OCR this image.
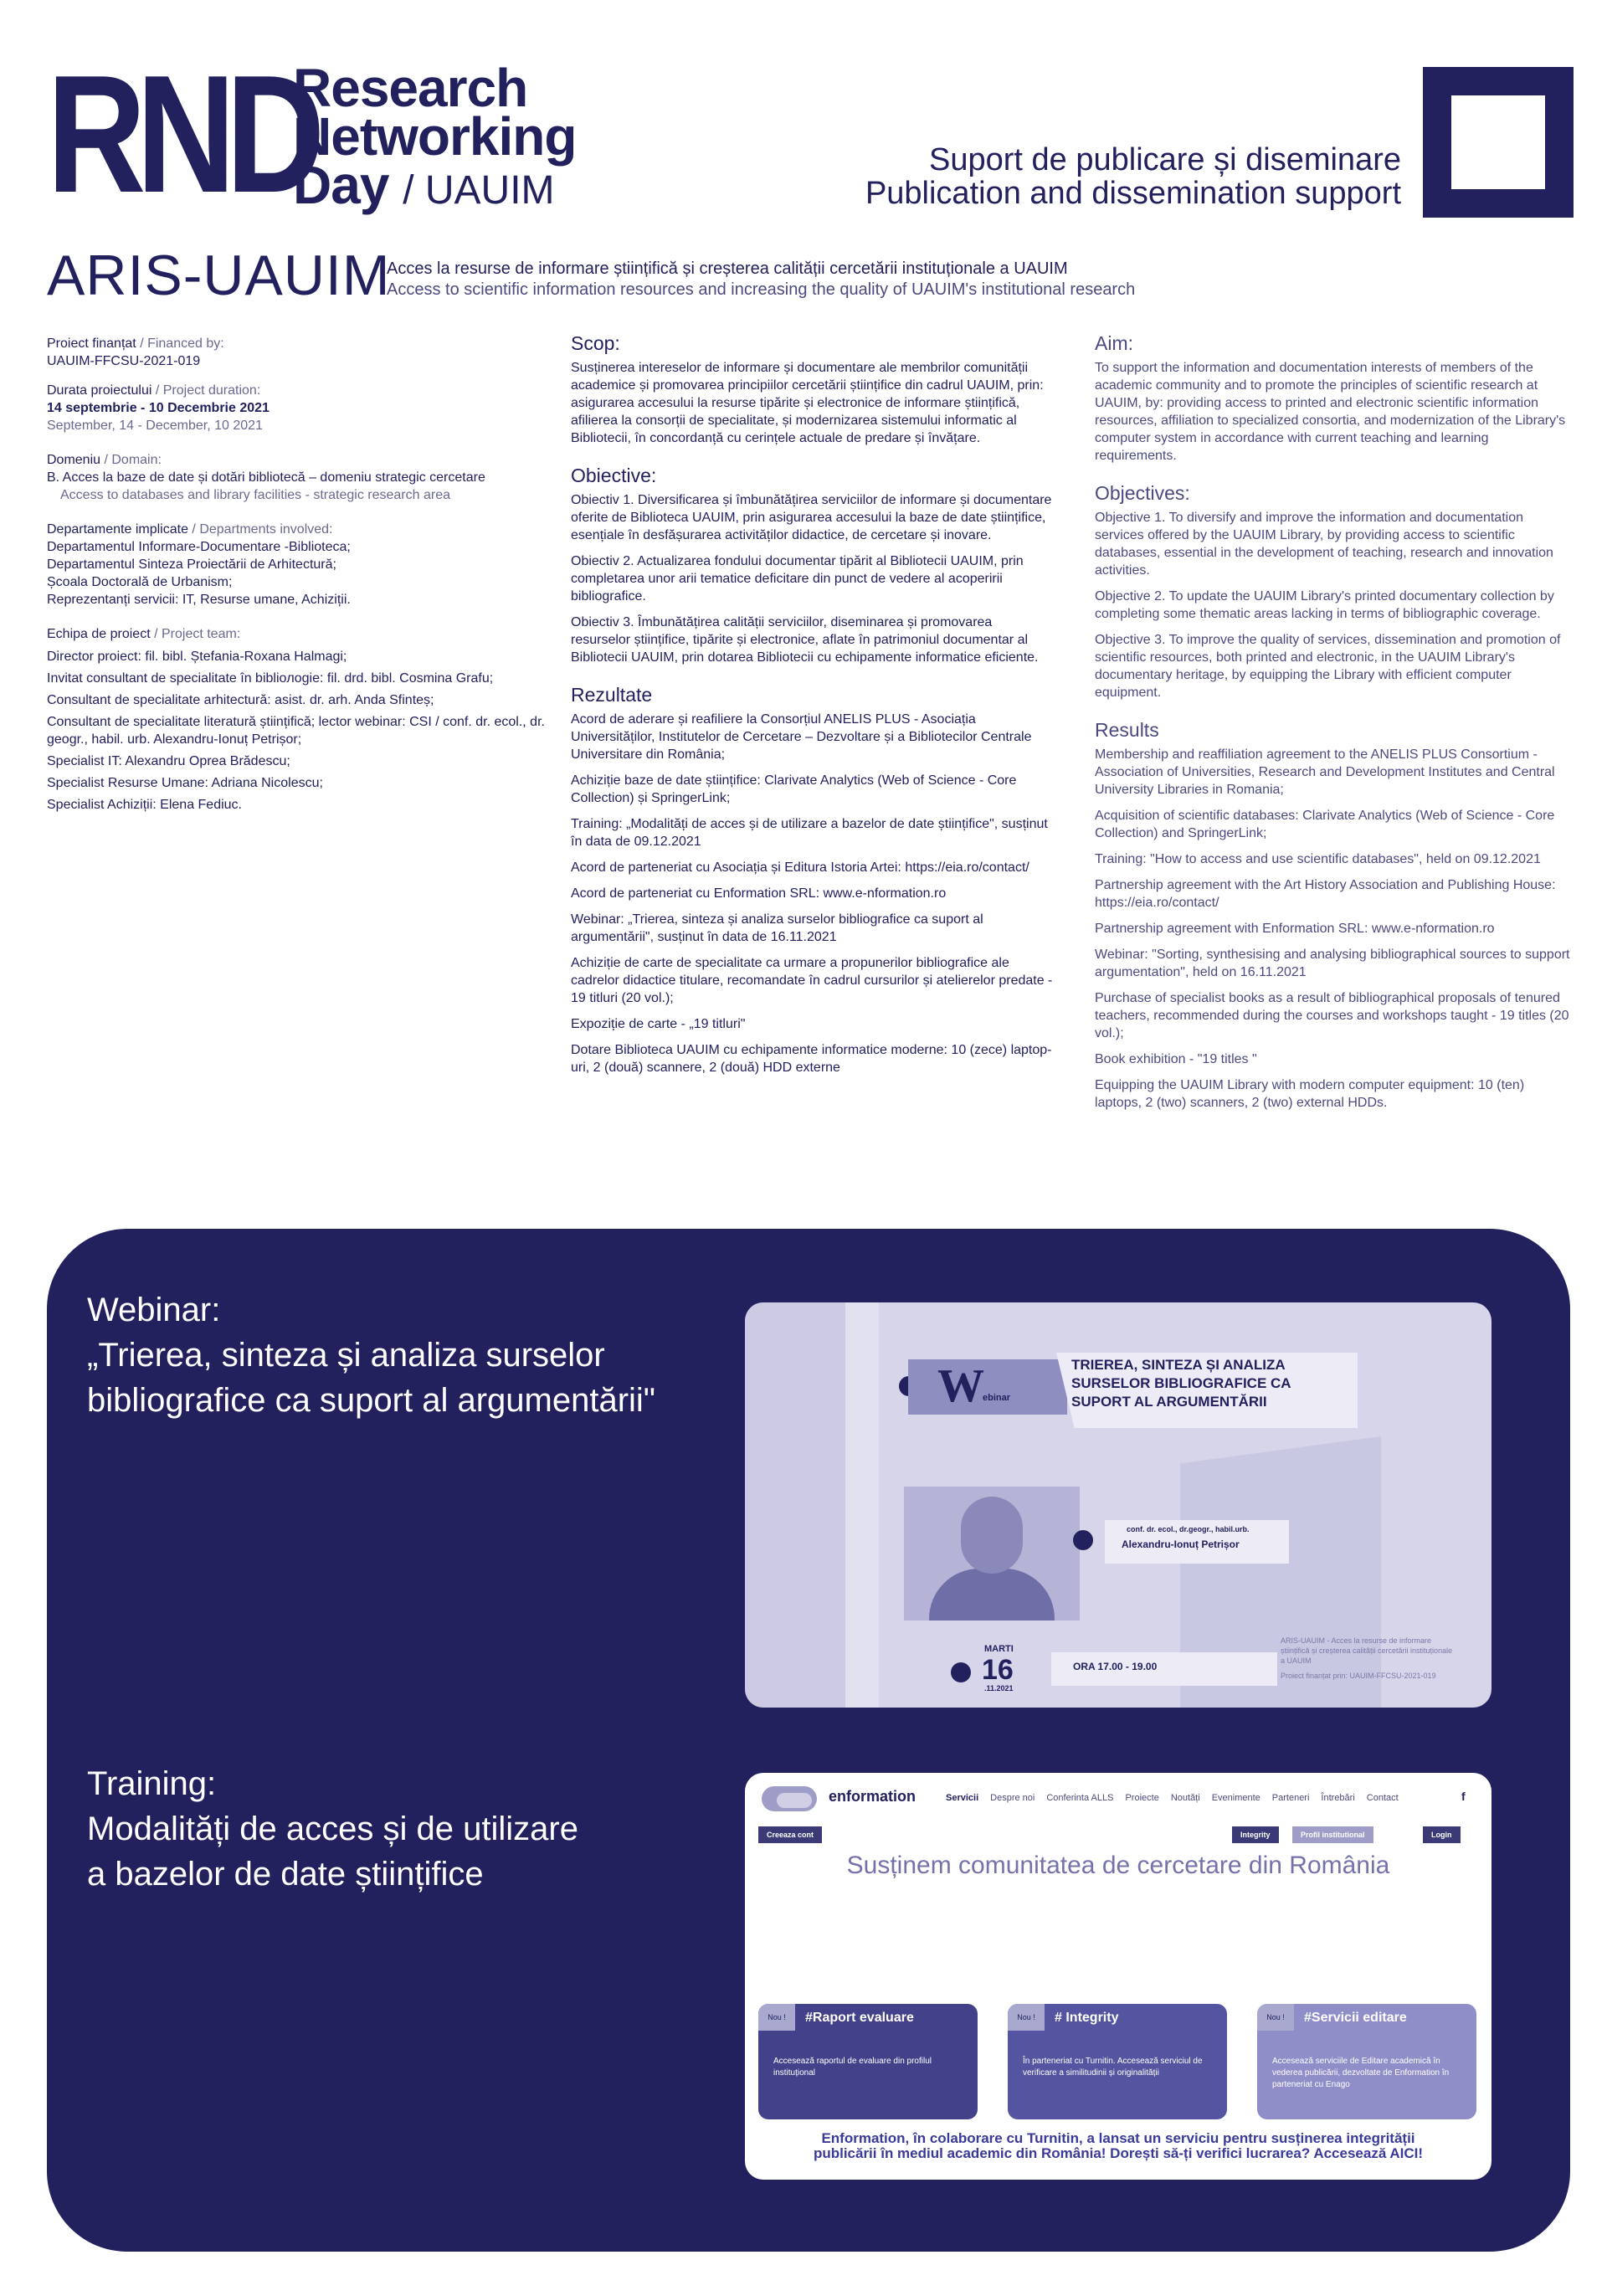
RND
Research
Networking
Day / UAUIM
Suport de publicare și diseminare
Publication and dissemination support
ARIS-UAUIM
Acces la resurse de informare științifică și creșterea calității cercetării instituționale a UAUIM
Access to scientific information resources and increasing the quality of UAUIM's institutional research
Proiect finanțat / Financed by:
UAUIM-FFCSU-2021-019
Durata proiectului / Project duration:
14 septembrie - 10 Decembrie 2021
September, 14 - December, 10 2021
Domeniu / Domain:
B. Acces la baze de date și dotări bibliotecă – domeniu strategic cercetare
Access to databases and library facilities - strategic research area
Departamente implicate / Departments involved:
Departamentul Informare-Documentare -Biblioteca;
Departamentul Sinteza Proiectării de Arhitectură;
Școala Doctorală de Urbanism;
Reprezentanți servicii: IT, Resurse umane, Achiziții.
Echipa de proiect / Project team:
Director proiect: fil. bibl. Ștefania-Roxana Halmagi;
Invitat consultant de specialitate în biblioлogie: fil. drd. bibl. Cosmina Grafu;
Consultant de specialitate arhitectură: asist. dr. arh. Anda Sfinteș;
Consultant de specialitate literatură științifică; lector webinar: CSI / conf. dr. ecol., dr. geogr., habil. urb. Alexandru-Ionuț Petrișor;
Specialist IT: Alexandru Oprea Brădescu;
Specialist Resurse Umane: Adriana Nicolescu;
Specialist Achiziții: Elena Fediuc.
Scop:

Susținerea intereselor de informare și documentare ale membrilor comunității academice și promovarea principiilor cercetării științifice din cadrul UAUIM, prin: asigurarea accesului la resurse tipărite și electronice de informare științifică, afilierea la consorții de specialitate, și modernizarea sistemului informatic al Bibliotecii, în concordanță cu cerințele actuale de predare și învățare.

Obiective:

Obiectiv 1. Diversificarea și îmbunătățirea serviciilor de informare și documentare oferite de Biblioteca UAUIM, prin asigurarea accesului la baze de date științifice, esențiale în desfășurarea activităților didactice, de cercetare și inovare.

Obiectiv 2. Actualizarea fondului documentar tipărit al Bibliotecii UAUIM, prin completarea unor arii tematice deficitare din punct de vedere al acoperirii bibliografice.

Obiectiv 3. Îmbunătățirea calității serviciilor, diseminarea și promovarea resurselor științifice, tipărite și electronice, aflate în patrimoniul documentar al Bibliotecii UAUIM, prin dotarea Bibliotecii cu echipamente informatice eficiente.

Rezultate

Acord de aderare și reafiliere la Consorțiul ANELIS PLUS - Asociația Universităților, Institutelor de Cercetare – Dezvoltare și a Bibliotecilor Centrale Universitare din România;

Achiziție baze de date științifice: Clarivate Analytics (Web of Science - Core Collection) și SpringerLink;

Training: „Modalități de acces și de utilizare a bazelor de date științifice", susținut în data de 09.12.2021

Acord de parteneriat cu Asociația și Editura Istoria Artei: https://eia.ro/contact/

Acord de parteneriat cu Enformation SRL: www.e-nformation.ro

Webinar: „Trierea, sinteza și analiza surselor bibliografice ca suport al argumentării", susținut în data de 16.11.2021

Achiziție de carte de specialitate ca urmare a propunerilor bibliografice ale cadrelor didactice titulare, recomandate în cadrul cursurilor și atelierelor predate - 19 titluri (20 vol.);

Expoziție de carte - „19 titluri"

Dotare Biblioteca UAUIM cu echipamente informatice moderne: 10 (zece) laptop-uri, 2 (două) scannere, 2 (două) HDD externe

Aim:

To support the information and documentation interests of members of the academic community and to promote the principles of scientific research at UAUIM, by: providing access to printed and electronic scientific information resources, affiliation to specialized consortia, and modernization of the Library's computer system in accordance with current teaching and learning requirements.

Objectives:

Objective 1. To diversify and improve the information and documentation services offered by the UAUIM Library, by providing access to scientific databases, essential in the development of teaching, research and innovation activities.

Objective 2. To update the UAUIM Library's printed documentary collection by completing some thematic areas lacking in terms of bibliographic coverage.

Objective 3. To improve the quality of services, dissemination and promotion of scientific resources, both printed and electronic, in the UAUIM Library's documentary heritage, by equipping the Library with efficient computer equipment.

Results

Membership and reaffiliation agreement to the ANELIS PLUS Consortium - Association of Universities, Research and Development Institutes and Central University Libraries in Romania;

Acquisition of scientific databases: Clarivate Analytics (Web of Science - Core Collection) and SpringerLink;

Training: "How to access and use scientific databases", held on 09.12.2021

Partnership agreement with the Art History Association and Publishing House: https://eia.ro/contact/

Partnership agreement with Enformation SRL: www.e-nformation.ro

Webinar: "Sorting, synthesising and analysing bibliographical sources to support argumentation", held on 16.11.2021

Purchase of specialist books as a result of bibliographical proposals of tenured teachers, recommended during the courses and workshops taught - 19 titles (20 vol.);

Book exhibition - "19 titles "

Equipping the UAUIM Library with modern computer equipment: 10 (ten) laptops, 2 (two) scanners, 2 (two) external HDDs.

Webinar:
„Trierea, sinteza și analiza surselor
bibliografice ca suport al argumentării"	W
ebinar
TRIEREA, SINTEZA ȘI ANALIZA
SURSELOR BIBLIOGRAFICE CA
SUPORT AL ARGUMENTĂRII
conf. dr. ecol., dr.geogr., habil.urb.
Alexandru-Ionuț Petrișor
MARTI
16
.11.2021
ORA 17.00 - 19.00
ARIS-UAUIM - Acces la resurse de informare științifică și creșterea calității cercetării instituționale a UAUIM
Proiect finanțat prin: UAUIM-FFCSU-2021-019
Training:
Modalități de acces și de utilizare
a bazelor de date științifice
enformation	Servicii Despre noi Conferinta ALLS Proiecte Noutăți Evenimente Parteneri Întrebări Contact	f
Creeaza cont	Integrity	Profil institutional	Login
Susținem comunitatea de cercetare din România
Nou !	#Raport evaluare
Accesează raportul de evaluare din profilul instituțional
Nou !	# Integrity
În parteneriat cu Turnitin. Accesează serviciul de verificare a similitudinii și originalității
Nou !	#Servicii editare
Accesează serviciile de Editare academică în vederea publicării, dezvoltate de Enformation în parteneriat cu Enago
Enformation, în colaborare cu Turnitin, a lansat un serviciu pentru susținerea integrității
publicării în mediul academic din România! Dorești să-ți verifici lucrarea? Accesează AICI!
